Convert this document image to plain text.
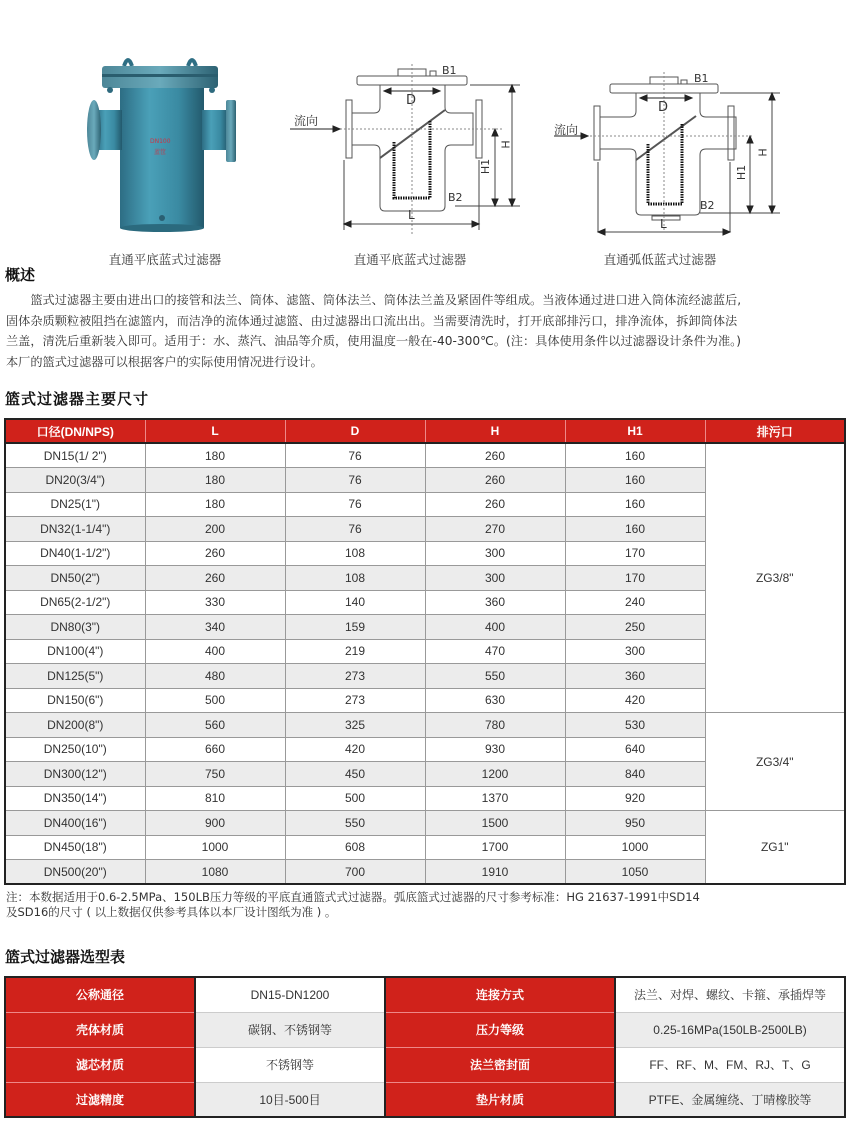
DN100
蓝筐
直通平底蓝式过滤器
流向
B1
D
H
H1
B2
L
直通平底蓝式过滤器
流向
B1
D
H
H1
B2
L
直通弧低蓝式过滤器
概述
　　篮式过滤器主要由进出口的接管和法兰、筒体、滤篮、筒体法兰、筒体法兰盖及紧固件等组成。当液体通过进口进入筒体流经滤蓝后,
固体杂质颗粒被阻挡在滤篮内，而洁净的流体通过滤篮、由过滤器出口流出出。当需要清洗时，打开底部排污口，排净流体，拆卸筒体法
兰盖，清洗后重新装入即可。适用于：水、蒸汽、油品等介质，使用温度一般在-40-300℃。(注：具体使用条件以过滤器设计条件为准。)
本厂的篮式过滤器可以根据客户的实际使用情况进行设计。
篮式过滤器主要尺寸
口径(DN/NPS)	L	D	H	H1	排污口
DN15(1/ 2")	180	76	260	160	ZG3/8"
DN20(3/4")	180	76	260	160	
DN25(1")	180	76	260	160	
DN32(1-1/4")	200	76	270	160	
DN40(1-1/2")	260	108	300	170	
DN50(2")	260	108	300	170	
DN65(2-1/2")	330	140	360	240	
DN80(3")	340	159	400	250	
DN100(4")	400	219	470	300	
DN125(5")	480	273	550	360	
DN150(6")	500	273	630	420	
DN200(8")	560	325	780	530	ZG3/4"
DN250(10")	660	420	930	640	
DN300(12")	750	450	1200	840	
DN350(14")	810	500	1370	920	
DN400(16")	900	550	1500	950	ZG1"
DN450(18")	1000	608	1700	1000	
DN500(20")	1080	700	1910	1050	
注：本数据适用于0.6-2.5MPa、150LB压力等级的平底直通篮式式过滤器。弧底篮式过滤器的尺寸参考标准：HG 21637-1991中SD14
及SD16的尺寸 ( 以上数据仅供参考具体以本厂设计图纸为准 ) 。
篮式过滤器选型表
公称通径	DN15-DN1200	连接方式	法兰、对焊、螺纹、卡箍、承插焊等
壳体材质	碳钢、不锈钢等	压力等级	0.25-16MPa(150LB-2500LB)
滤芯材质	不锈钢等	法兰密封面	FF、RF、M、FM、RJ、T、G
过滤精度	10目-500目	垫片材质	PTFE、金属缠绕、丁晴橡胶等
